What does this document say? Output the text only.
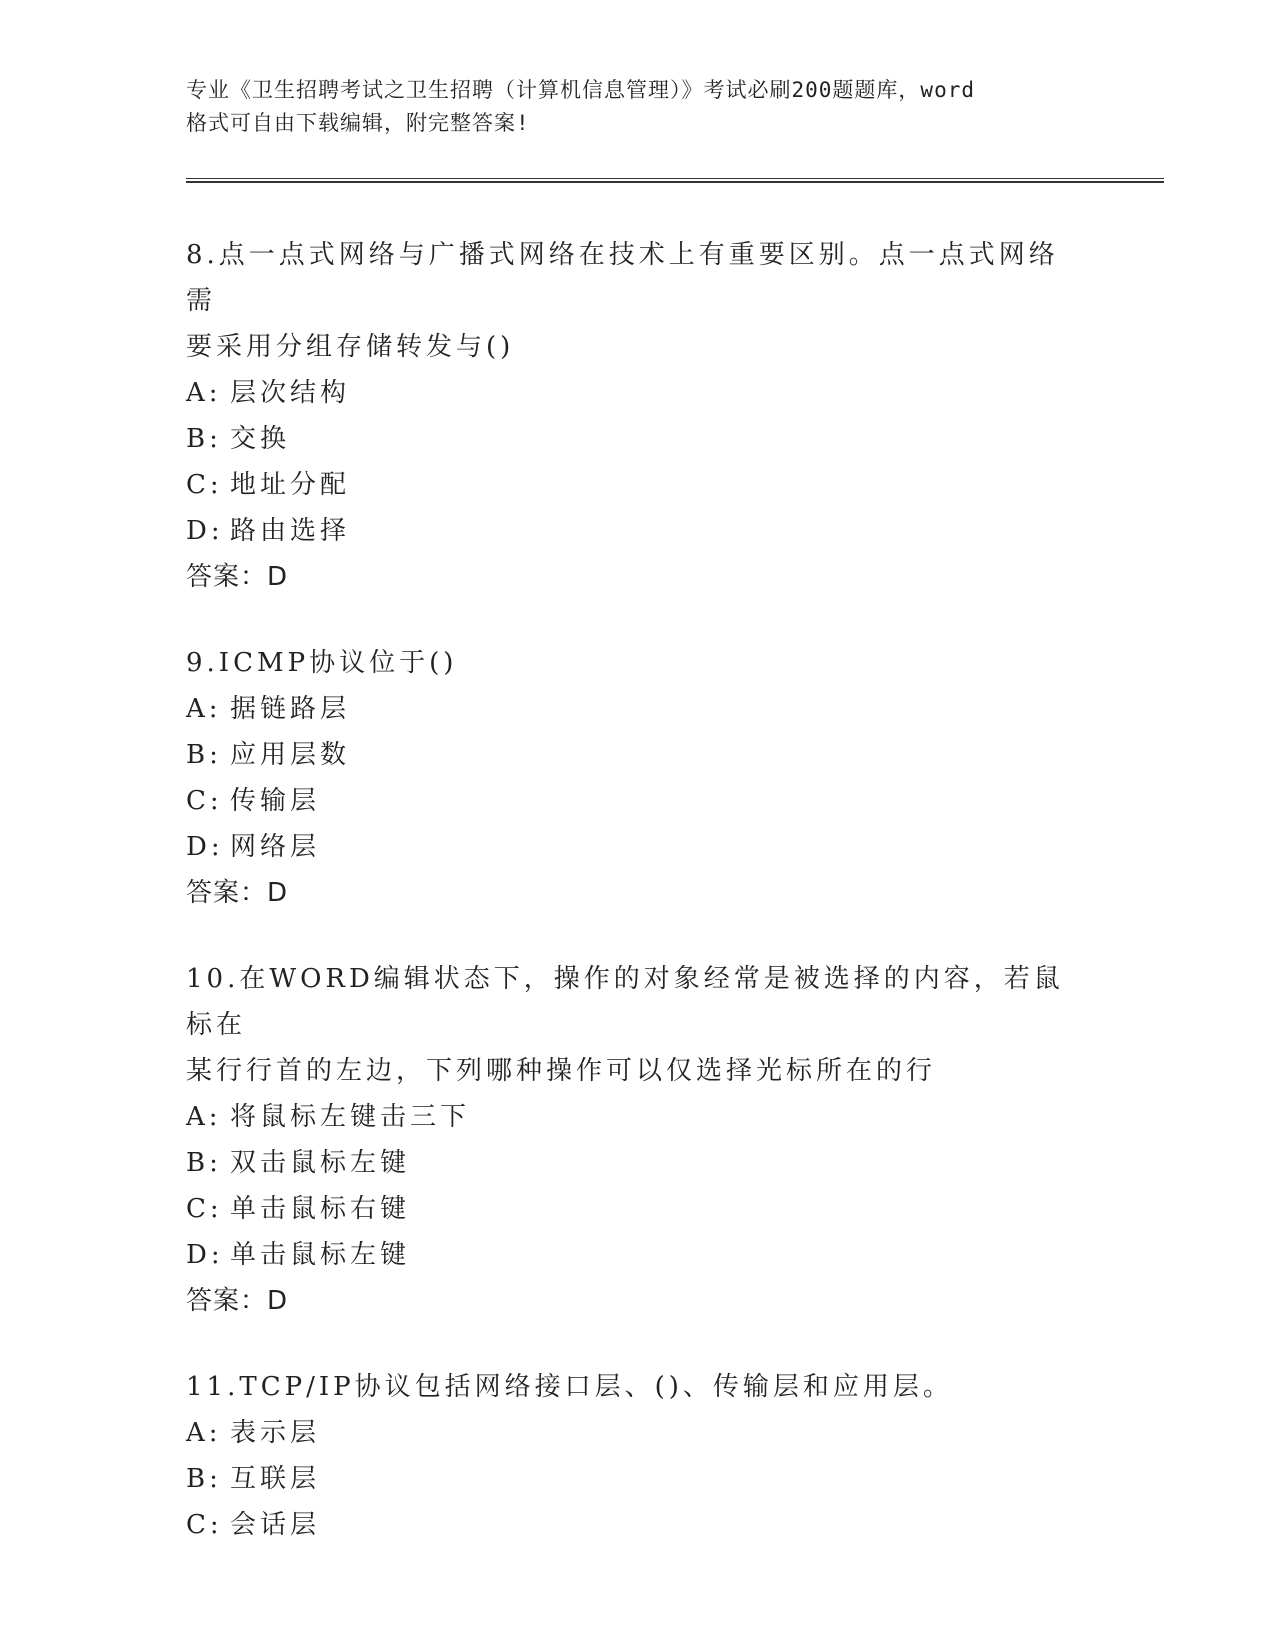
专业《卫生招聘考试之卫生招聘（计算机信息管理）》考试必刷200题题库，word
格式可自由下载编辑，附完整答案!

8.点一点式网络与广播式网络在技术上有重要区别。点一点式网络需

要采用分组存储转发与()

A: 层次结构
B: 交换
C: 地址分配
D: 路由选择

答案：D

9.ICMP协议位于()

A: 据链路层
B: 应用层数
C: 传输层
D: 网络层

答案：D

10.在WORD编辑状态下，操作的对象经常是被选择的内容，若鼠标在

某行行首的左边，下列哪种操作可以仅选择光标所在的行

A: 将鼠标左键击三下
B: 双击鼠标左键
C: 单击鼠标右键
D: 单击鼠标左键

答案：D

11.TCP/IP协议包括网络接口层、()、传输层和应用层。

A: 表示层
B: 互联层
C: 会话层
